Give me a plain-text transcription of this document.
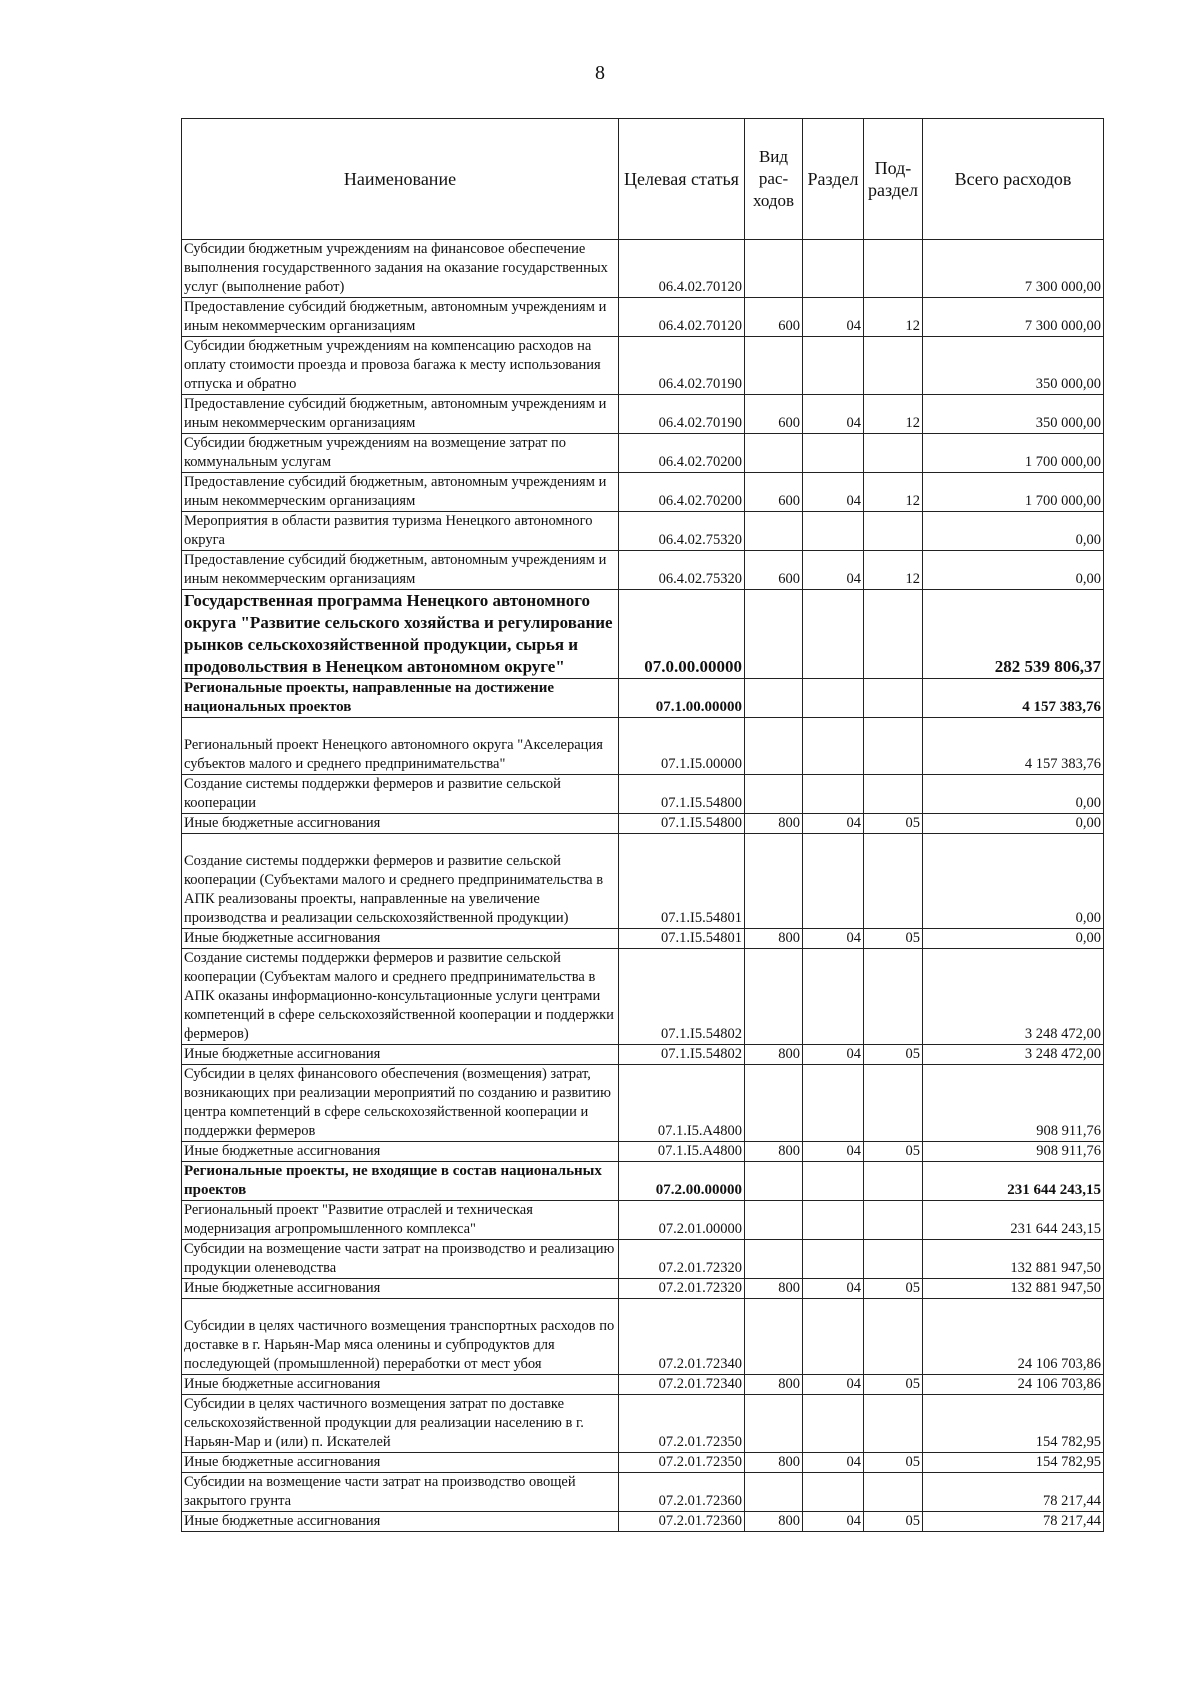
8
Наименование	Целевая статья	Вид рас-ходов	Раздел	Под-раздел	Всего расходов
Субсидии бюджетным учреждениям на финансовое обеспечение выполнения государственного задания на оказание государственных услуг (выполнение работ)	06.4.02.70120				7 300 000,00
Предоставление субсидий бюджетным, автономным учреждениям и иным некоммерческим организациям	06.4.02.70120	600	04	12	7 300 000,00
Субсидии бюджетным учреждениям на компенсацию расходов на оплату стоимости проезда и провоза багажа к месту использования отпуска и обратно	06.4.02.70190				350 000,00
Предоставление субсидий бюджетным, автономным учреждениям и иным некоммерческим организациям	06.4.02.70190	600	04	12	350 000,00
Субсидии бюджетным учреждениям на возмещение затрат по коммунальным услугам	06.4.02.70200				1 700 000,00
Предоставление субсидий бюджетным, автономным учреждениям и иным некоммерческим организациям	06.4.02.70200	600	04	12	1 700 000,00
Мероприятия в области развития туризма Ненецкого автономного округа	06.4.02.75320				0,00
Предоставление субсидий бюджетным, автономным учреждениям и иным некоммерческим организациям	06.4.02.75320	600	04	12	0,00
Государственная программа Ненецкого автономного округа "Развитие сельского хозяйства и регулирование рынков сельскохозяйственной продукции, сырья и продовольствия в Ненецком автономном округе"	07.0.00.00000				282 539 806,37
Региональные проекты, направленные на достижение национальных проектов	07.1.00.00000				4 157 383,76
Региональный проект Ненецкого автономного округа "Акселерация субъектов малого и среднего предпринимательства"	07.1.I5.00000				4 157 383,76
Создание системы поддержки фермеров и развитие сельской кооперации	07.1.I5.54800				0,00
Иные бюджетные ассигнования	07.1.I5.54800	800	04	05	0,00
Создание системы поддержки фермеров и развитие сельской кооперации (Субъектами малого и среднего предпринимательства в АПК реализованы проекты, направленные на увеличение производства и реализации сельскохозяйственной продукции)	07.1.I5.54801				0,00
Иные бюджетные ассигнования	07.1.I5.54801	800	04	05	0,00
Создание системы поддержки фермеров и развитие сельской кооперации (Субъектам малого и среднего предпринимательства в АПК оказаны информационно-консультационные услуги центрами компетенций в сфере сельскохозяйственной кооперации и поддержки фермеров)	07.1.I5.54802				3 248 472,00
Иные бюджетные ассигнования	07.1.I5.54802	800	04	05	3 248 472,00
Субсидии в целях финансового обеспечения (возмещения) затрат, возникающих при реализации мероприятий по созданию и развитию центра компетенций в сфере сельскохозяйственной кооперации и поддержки фермеров	07.1.I5.A4800				908 911,76
Иные бюджетные ассигнования	07.1.I5.A4800	800	04	05	908 911,76
Региональные проекты, не входящие в состав национальных проектов	07.2.00.00000				231 644 243,15
Региональный проект "Развитие отраслей и техническая модернизация агропромышленного комплекса"	07.2.01.00000				231 644 243,15
Субсидии на возмещение части затрат на производство и реализацию продукции оленеводства	07.2.01.72320				132 881 947,50
Иные бюджетные ассигнования	07.2.01.72320	800	04	05	132 881 947,50
Субсидии в целях частичного возмещения транспортных расходов по доставке в г. Нарьян-Мар мяса оленины и субпродуктов для последующей (промышленной) переработки от мест убоя	07.2.01.72340				24 106 703,86
Иные бюджетные ассигнования	07.2.01.72340	800	04	05	24 106 703,86
Субсидии в целях частичного возмещения затрат по доставке сельскохозяйственной продукции для реализации населению в г. Нарьян-Мар и (или) п. Искателей	07.2.01.72350				154 782,95
Иные бюджетные ассигнования	07.2.01.72350	800	04	05	154 782,95
Субсидии на возмещение части затрат на производство овощей закрытого грунта	07.2.01.72360				78 217,44
Иные бюджетные ассигнования	07.2.01.72360	800	04	05	78 217,44
